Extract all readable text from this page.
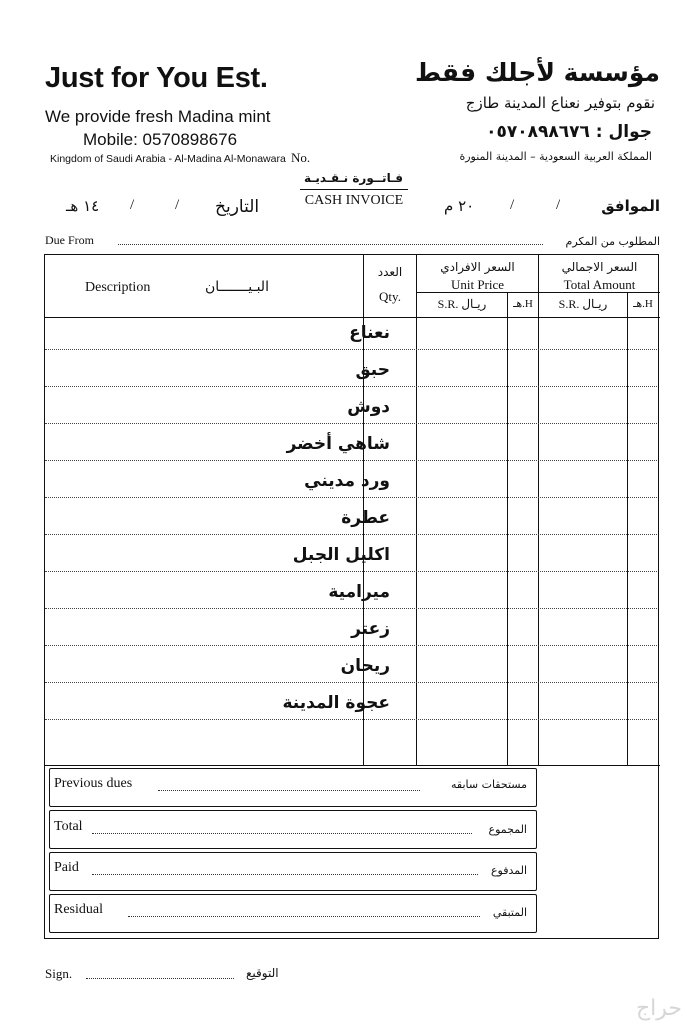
Just for You Est.
We provide fresh Madina mint
Mobile: 0570898676
Kingdom of Saudi Arabia - Al-Madina Al-Monawara No.
مؤسسة لأجلك فقط
نقوم بتوفير نعناع المدينة طازج
جوال : ٠٥٧٠٨٩٨٦٧٦
المملكة العربية السعودية – المدينة المنورة
فـاتــورة نـقـديـة
CASH INVOICE	الموافق
/
/
٢٠ م
التاريخ
/
/
١٤ هـ
Due From	المطلوب من المكرم
Description	البـيـــــــان
العدد
Qty.
السعر الافرادي
Unit Price
S.R. ريـال	هـ.H
السعر الاجمالي
Total Amount
S.R. ريـال	هـ.H
نعناع
حبق
دوش
شاهي أخضر
ورد مديني
عطرة
اكليل الجبل
ميرامية
زعتر
ريحان
عجوة المدينة
Previous dues	مستحقات سابقه
Total	المجموع
Paid	المدفوع
Residual	المتبقي
Sign.	التوقيع
حراج
